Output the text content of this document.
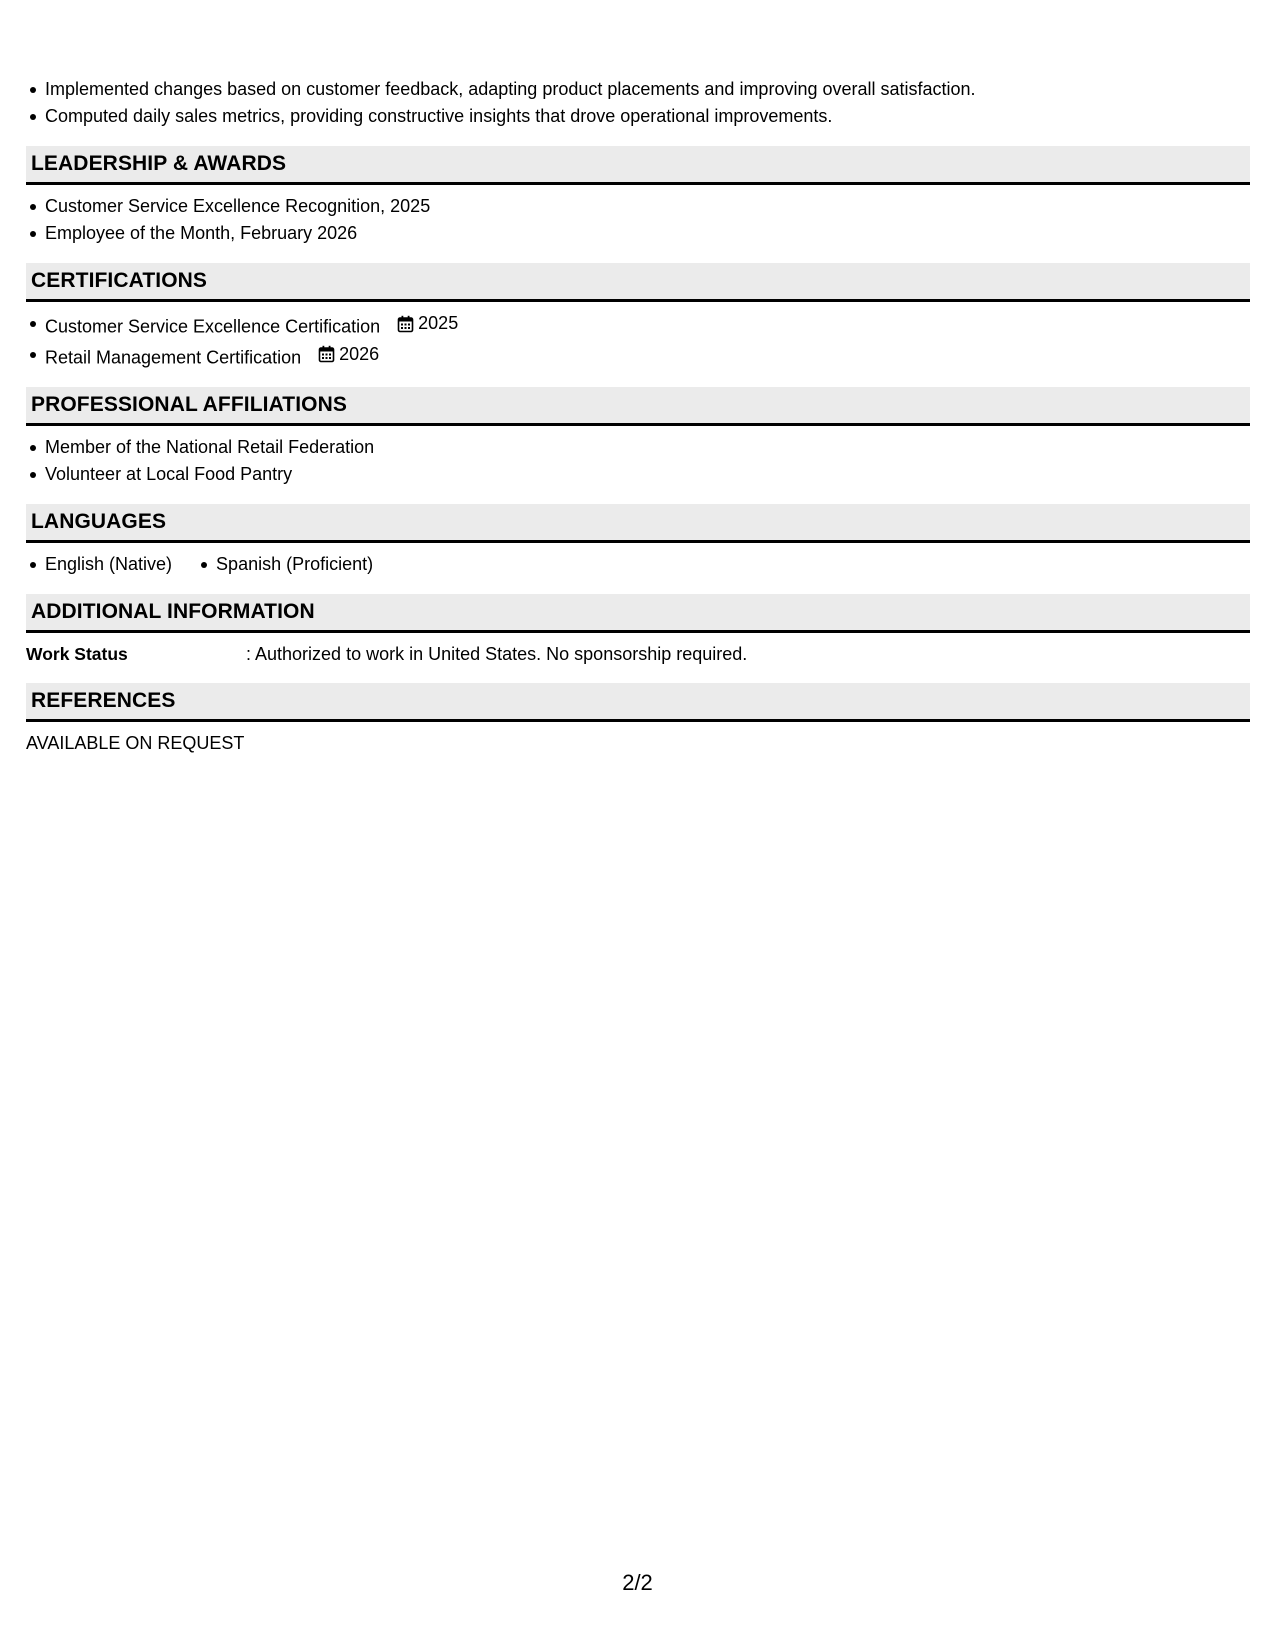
Implemented changes based on customer feedback, adapting product placements and improving overall satisfaction.
Computed daily sales metrics, providing constructive insights that drove operational improvements.
LEADERSHIP & AWARDS
Customer Service Excellence Recognition, 2025
Employee of the Month, February 2026
CERTIFICATIONS
Customer Service Excellence Certification 2025
Retail Management Certification 2026
PROFESSIONAL AFFILIATIONS
Member of the National Retail Federation
Volunteer at Local Food Pantry
LANGUAGES
English (Native) Spanish (Proficient)
ADDITIONAL INFORMATION
Work Status	: Authorized to work in United States. No sponsorship required.
REFERENCES
AVAILABLE ON REQUEST
2/2
